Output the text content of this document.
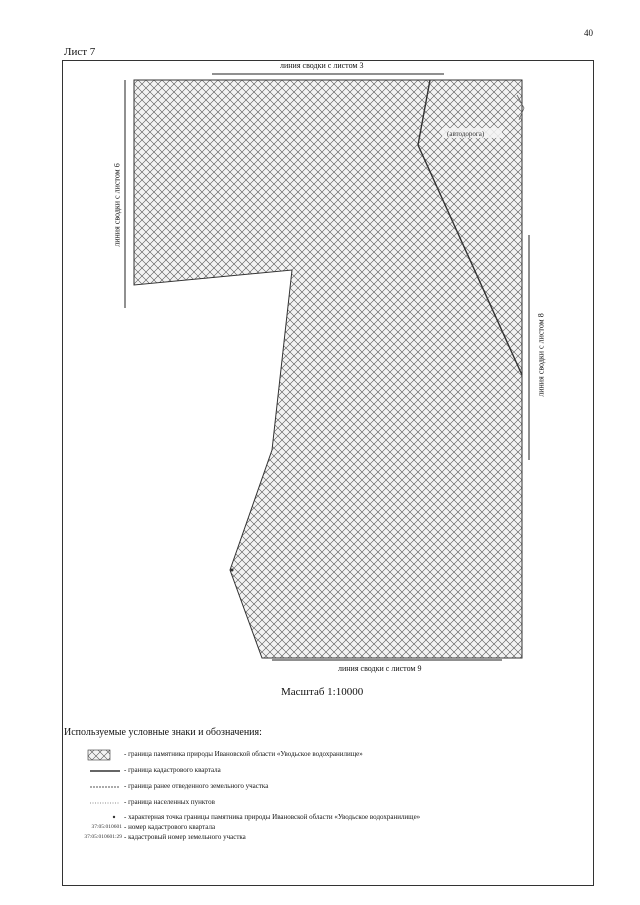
40
Лист 7
(автодорога)
линия сводки с листом 3
линия сводки с листом 9
линия сводки с листом 6
линия сводки с листом 8
Масштаб 1:10000
Используемые условные знаки и обозначения:
- граница памятника природы Ивановской области «Уводьское водохранилище»
- граница кадастрового квартала
- граница ранее отведенного земельного участка
- граница населенных пунктов
- характерная точка границы памятника природы Ивановской области «Уводьское водохранилище»
37:05:010601 - номер кадастрового квартала
37:05:010601:29 - кадастровый номер земельного участка
